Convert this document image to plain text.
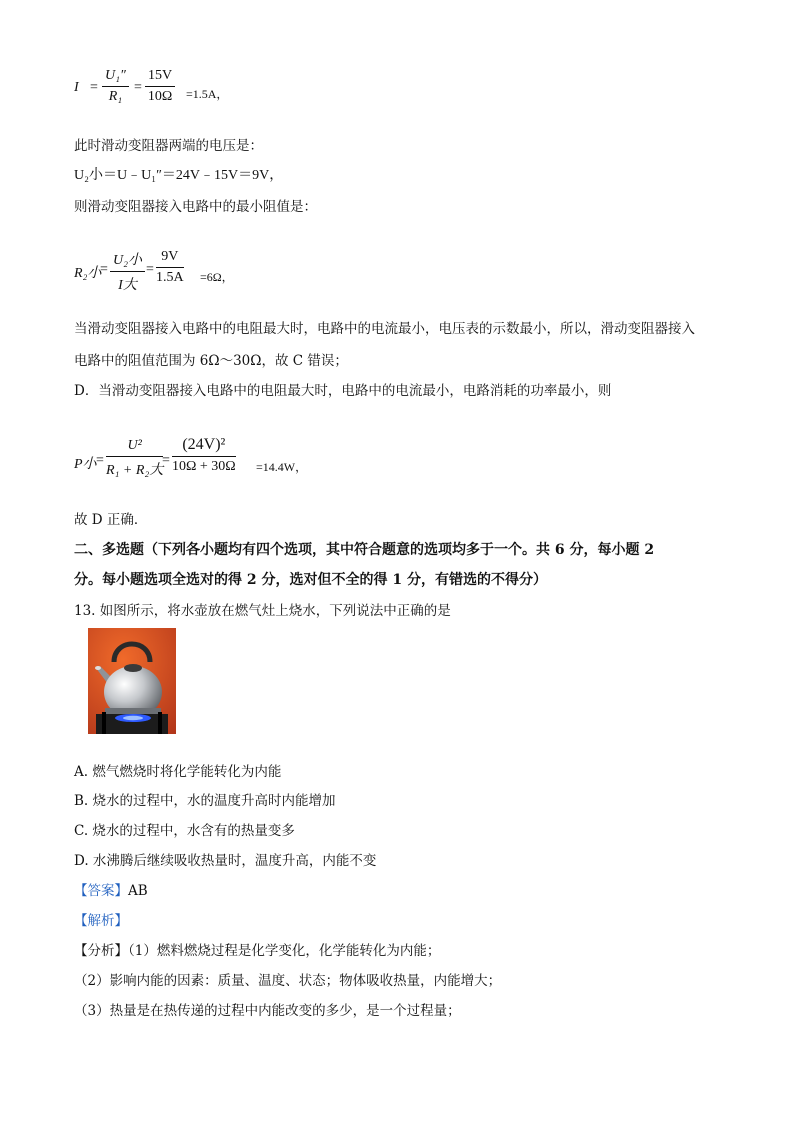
$I = \frac{\text{U₁″}}{\text{R₁}} = \frac{15V}{10\Omega} =1.5A$，
此时滑动变阻器两端的电压是：
U₂小＝U﹣U₁″＝24V﹣15V＝9V，
则滑动变阻器接入电路中的最小阻值是：
R₂小
=
U₂小
I大
= $\frac{9V}{1.5A} =6\Omega$，
当滑动变阻器接入电路中的电阻最大时，电路中的电流最小，电压表的示数最小，所以，滑动变阻器接入
电路中的阻值范围为 6Ω～30Ω，故 C 错误；
D．当滑动变阻器接入电路中的电阻最大时，电路中的电流最小，电路消耗的功率最小，则
P小 =
U²
R₁ + R₂大
= $\frac{\text{(24V)²}}{10\Omega + 30\Omega} =14.4W$，
故 D 正确．
二、多选题（下列各小题均有四个选项，其中符合题意的选项均多于一个。共 6 分，每小题 2
分。每小题选项全选对的得 2 分，选对但不全的得 1 分，有错选的不得分）
13. 如图所示，将水壶放在燃气灶上烧水，下列说法中正确的是
A. 燃气燃烧时将化学能转化为内能
B. 烧水的过程中，水的温度升高时内能增加
C. 烧水的过程中，水含有的热量变多
D. 水沸腾后继续吸收热量时，温度升高，内能不变
【答案】AB
【解析】
【分析】（1）燃料燃烧过程是化学变化，化学能转化为内能；
（2）影响内能的因素：质量、温度、状态；物体吸收热量，内能增大；
（3）热量是在热传递的过程中内能改变的多少，是一个过程量；
